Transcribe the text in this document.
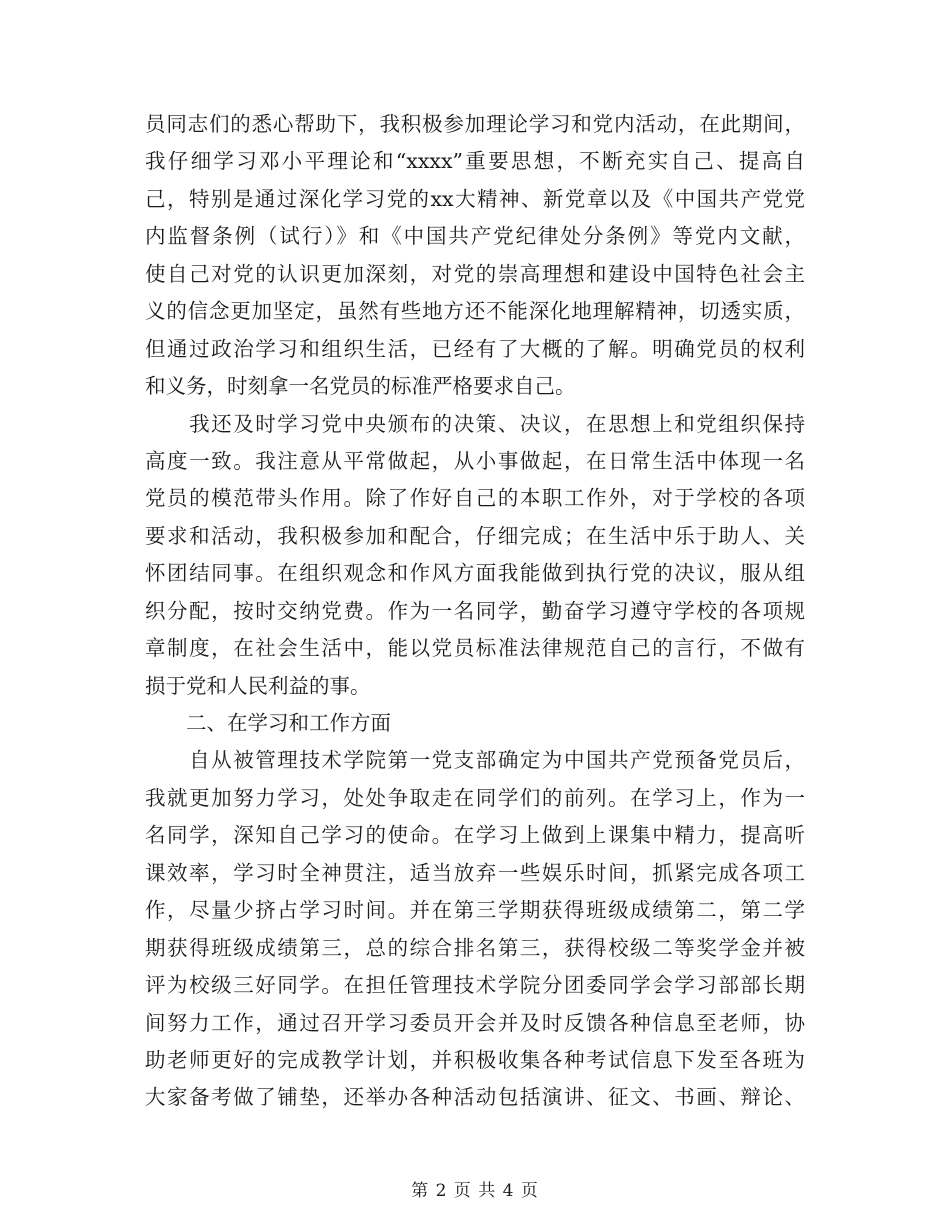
员同志们的悉心帮助下，我积极参加理论学习和党内活动，在此期间，
我仔细学习邓小平理论和“xxxx”重要思想，不断充实自己、提高自
己，特别是通过深化学习党的xx大精神、新党章以及《中国共产党党
内监督条例（试行）》和《中国共产党纪律处分条例》等党内文献，
使自己对党的认识更加深刻，对党的崇高理想和建设中国特色社会主
义的信念更加坚定，虽然有些地方还不能深化地理解精神，切透实质，
但通过政治学习和组织生活，已经有了大概的了解。明确党员的权利
和义务，时刻拿一名党员的标准严格要求自己。
　　我还及时学习党中央颁布的决策、决议，在思想上和党组织保持
高度一致。我注意从平常做起，从小事做起，在日常生活中体现一名
党员的模范带头作用。除了作好自己的本职工作外，对于学校的各项
要求和活动，我积极参加和配合，仔细完成；在生活中乐于助人、关
怀团结同事。在组织观念和作风方面我能做到执行党的决议，服从组
织分配，按时交纳党费。作为一名同学，勤奋学习遵守学校的各项规
章制度，在社会生活中，能以党员标准法律规范自己的言行，不做有
损于党和人民利益的事。
　　二、在学习和工作方面
　　自从被管理技术学院第一党支部确定为中国共产党预备党员后，
我就更加努力学习，处处争取走在同学们的前列。在学习上，作为一
名同学，深知自己学习的使命。在学习上做到上课集中精力，提高听
课效率，学习时全神贯注，适当放弃一些娱乐时间，抓紧完成各项工
作，尽量少挤占学习时间。并在第三学期获得班级成绩第二，第二学
期获得班级成绩第三，总的综合排名第三，获得校级二等奖学金并被
评为校级三好同学。在担任管理技术学院分团委同学会学习部部长期
间努力工作，通过召开学习委员开会并及时反馈各种信息至老师，协
助老师更好的完成教学计划，并积极收集各种考试信息下发至各班为
大家备考做了铺垫，还举办各种活动包括演讲、征文、书画、辩论、
第 2 页 共 4 页
